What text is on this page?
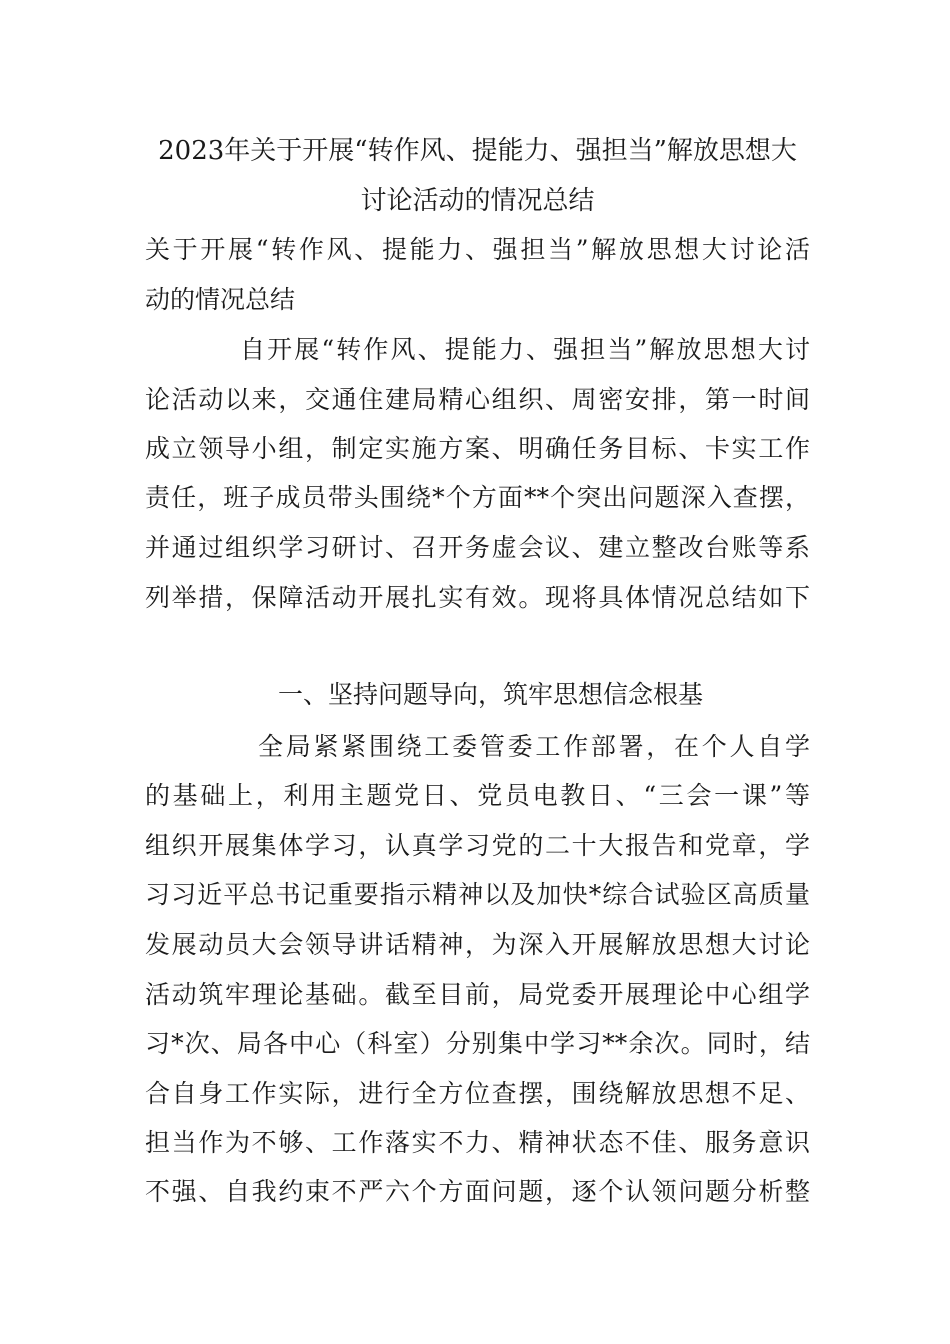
2023年关于开展“转作风、提能力、强担当”解放思想大
讨论活动的情况总结
关于开展“转作风、提能力、强担当”解放思想大讨论活
动的情况总结
自开展“转作风、提能力、强担当”解放思想大讨
论活动以来，交通住建局精心组织、周密安排，第一时间
成立领导小组，制定实施方案、明确任务目标、卡实工作
责任，班子成员带头围绕*个方面**个突出问题深入查摆，
并通过组织学习研讨、召开务虚会议、建立整改台账等系
列举措，保障活动开展扎实有效。现将具体情况总结如下
一、坚持问题导向，筑牢思想信念根基
全局紧紧围绕工委管委工作部署，在个人自学
的基础上，利用主题党日、党员电教日、“三会一课”等
组织开展集体学习，认真学习党的二十大报告和党章，学
习习近平总书记重要指示精神以及加快*综合试验区高质量
发展动员大会领导讲话精神，为深入开展解放思想大讨论
活动筑牢理论基础。截至目前，局党委开展理论中心组学
习*次、局各中心（科室）分别集中学习**余次。同时，结
合自身工作实际，进行全方位查摆，围绕解放思想不足、
担当作为不够、工作落实不力、精神状态不佳、服务意识
不强、自我约束不严六个方面问题，逐个认领问题分析整
